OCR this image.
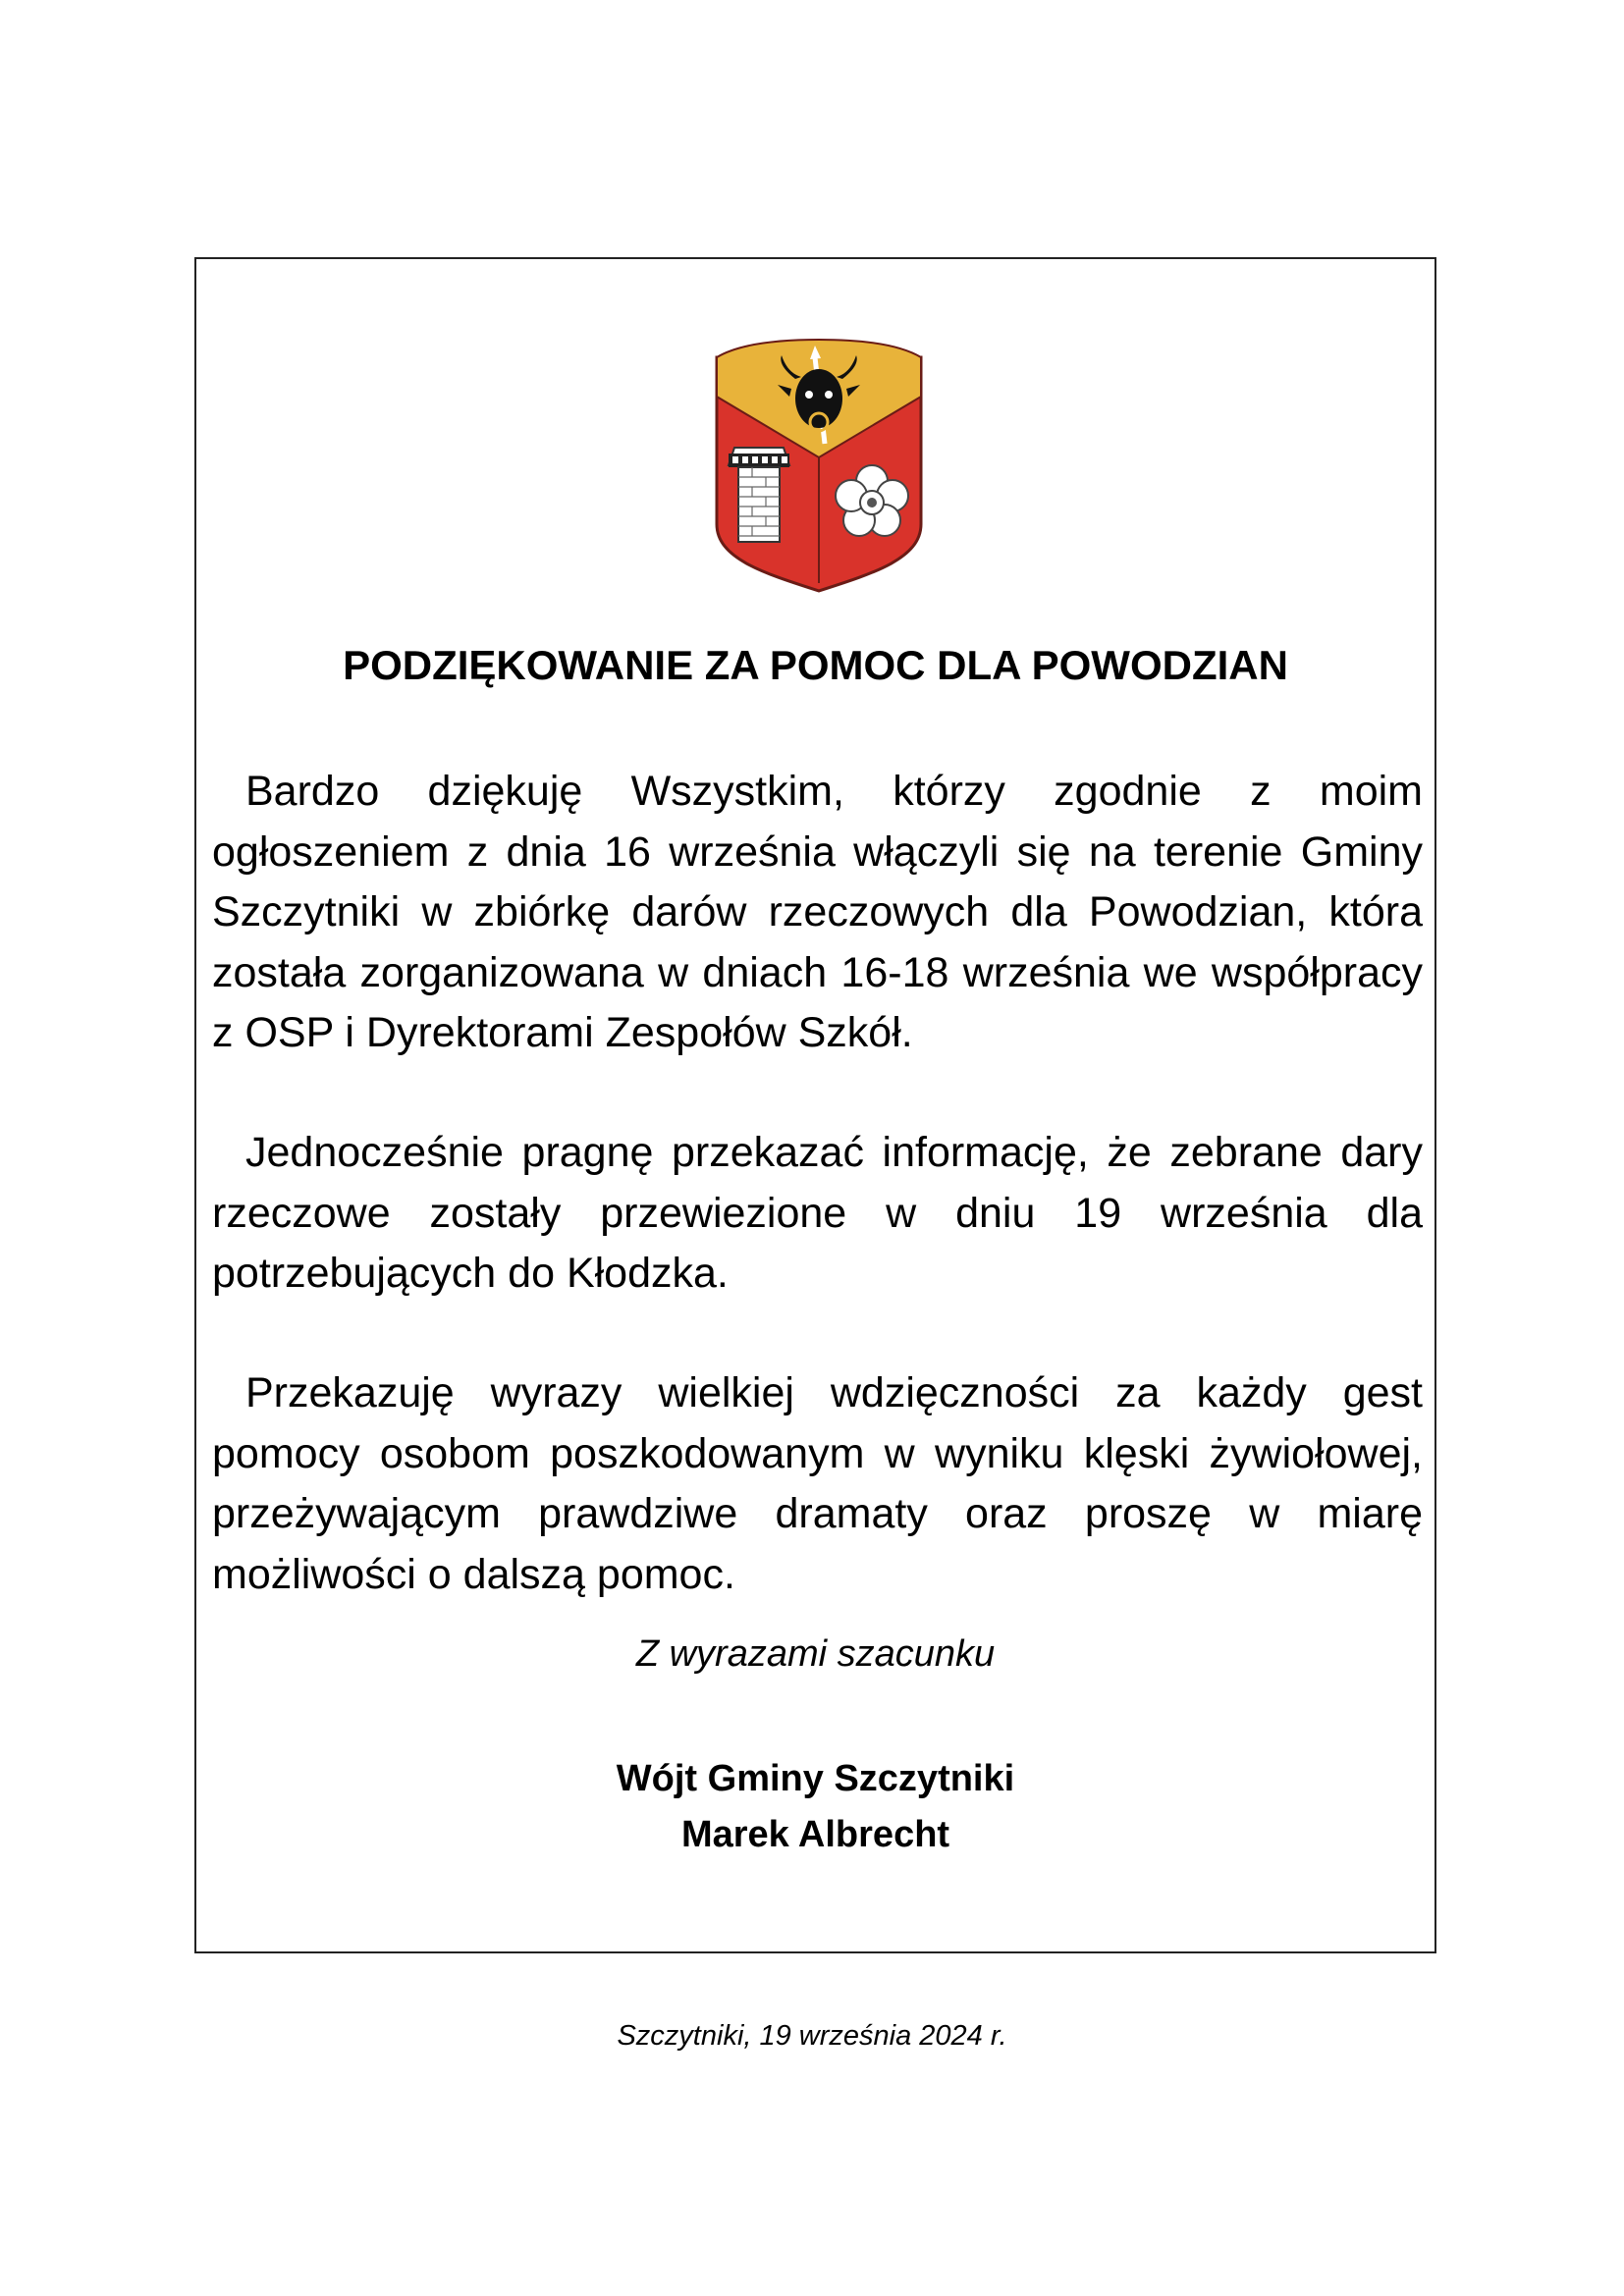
PODZIĘKOWANIE ZA POMOC DLA POWODZIAN

Bardzo dziękuję Wszystkim, którzy zgodnie z moim ogłoszeniem z dnia 16 września włączyli się na terenie Gminy Szczytniki w zbiórkę darów rzeczowych dla Powodzian, która została zorganizowana w dniach 16-18 września we współpracy z OSP i Dyrektorami Zespołów Szkół.

Jednocześnie pragnę przekazać informację, że zebrane dary rzeczowe zostały przewiezione w dniu 19 września dla potrzebujących do Kłodzka.

Przekazuję wyrazy wielkiej wdzięczności za każdy gest pomocy osobom poszkodowanym w wyniku klęski żywiołowej, przeżywającym prawdziwe dramaty oraz proszę w miarę możliwości o dalszą pomoc.

Z wyrazami szacunku

Wójt Gminy Szczytniki
Marek Albrecht

Szczytniki, 19 września 2024 r.
